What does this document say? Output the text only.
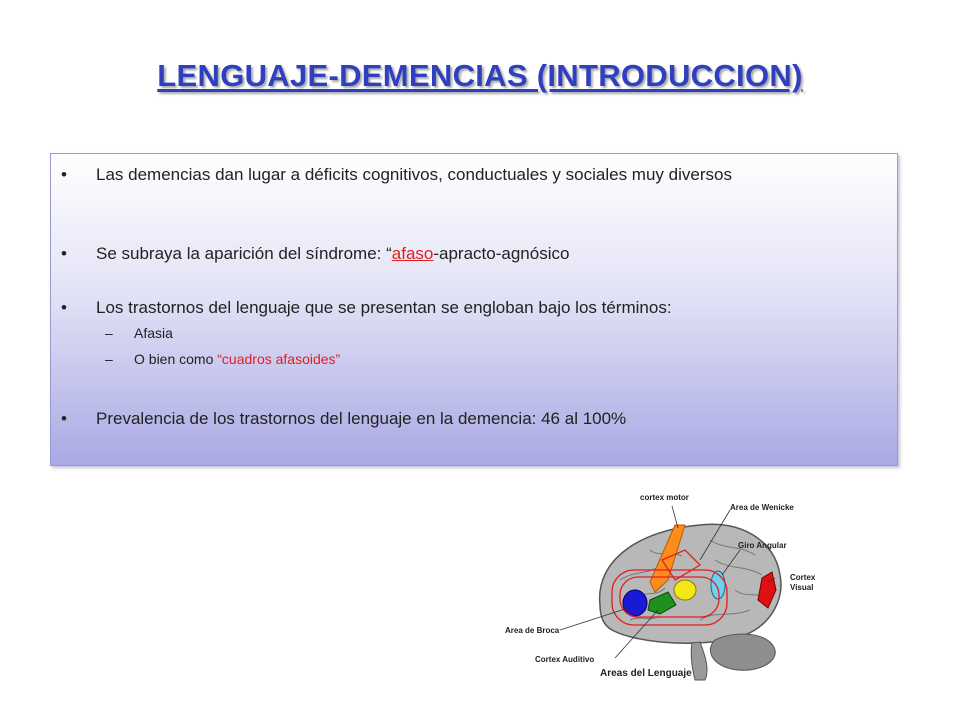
LENGUAJE-DEMENCIAS (INTRODUCCION)
• Las demencias dan lugar a déficits cognitivos, conductuales y sociales muy diversos
• Se subraya la aparición del síndrome: “afaso-apracto-agnósico
• Los trastornos del lenguaje que se presentan se engloban bajo los términos:
– Afasia
– O bien como “cuadros afasoides”
• Prevalencia de los trastornos del lenguaje en la demencia: 46 al 100%
cortex motor
Area de Wenicke
Giro Angular
Cortex
Visual
Area de Broca
Cortex Auditivo
Areas del Lenguaje
